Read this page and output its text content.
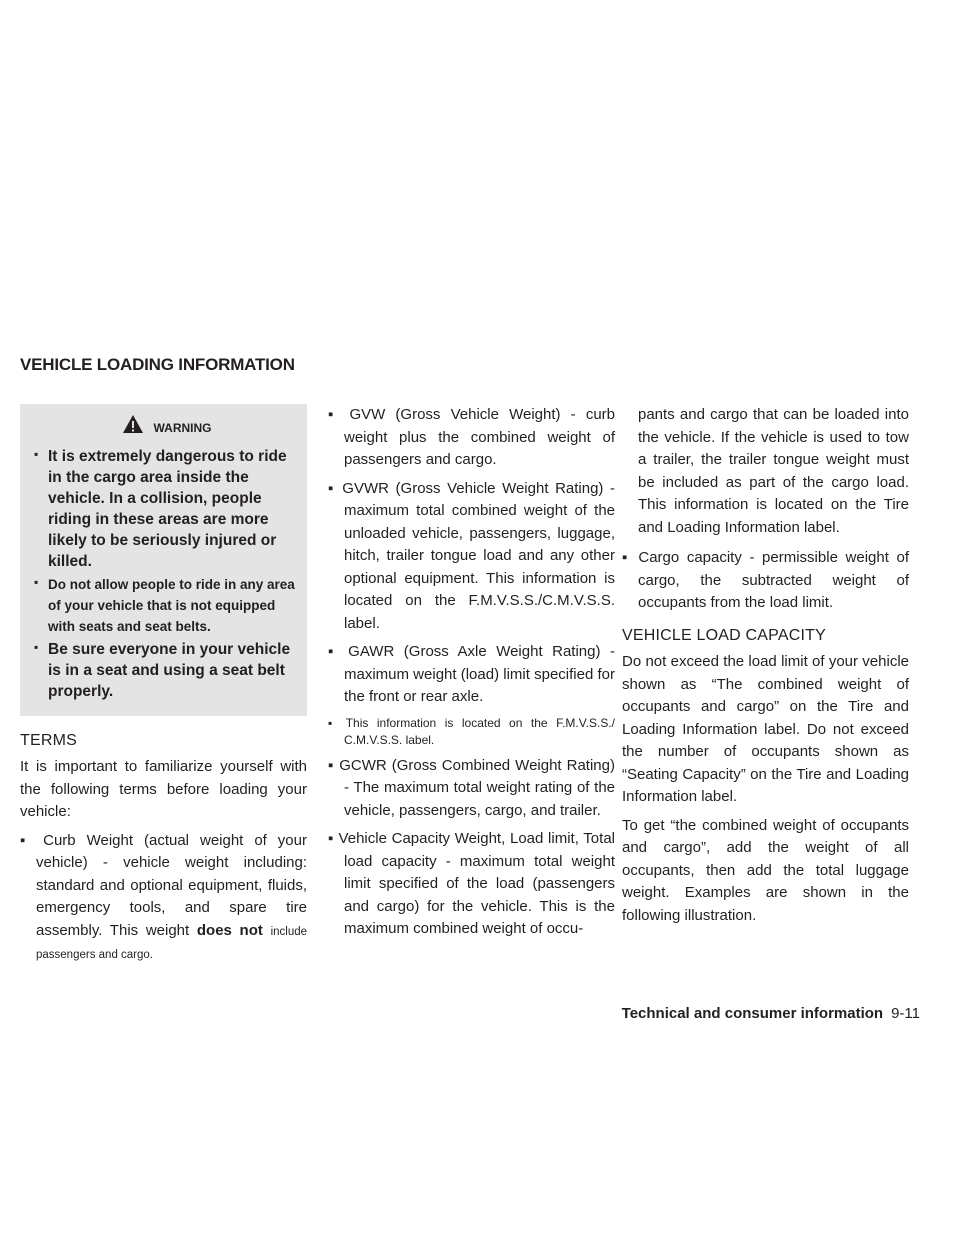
VEHICLE LOADING INFORMATION
WARNING
▪ It is extremely dangerous to ride in the cargo area inside the vehicle. In a collision, people riding in these areas are more likely to be seriously injured or killed.
▪ Do not allow people to ride in any area of your vehicle that is not equipped with seats and seat belts.
▪ Be sure everyone in your vehicle is in a seat and using a seat belt properly.
TERMS

It is important to familiarize yourself with the following terms before loading your vehicle:

▪ Curb Weight (actual weight of your vehicle) - vehicle weight including: standard and optional equipment, fluids, emergency tools, and spare tire assembly. This weight does not include passengers and cargo.
▪ GVW (Gross Vehicle Weight) - curb weight plus the combined weight of passengers and cargo.
▪ GVWR (Gross Vehicle Weight Rating) - maximum total combined weight of the unloaded vehicle, passengers, luggage, hitch, trailer tongue load and any other optional equipment. This information is located on the F.M.V.S.S./C.M.V.S.S. label.
▪ GAWR (Gross Axle Weight Rating) - maximum weight (load) limit specified for the front or rear axle.
▪ This information is located on the F.M.V.S.S./ C.M.V.S.S. label.
▪ GCWR (Gross Combined Weight Rating) - The maximum total weight rating of the vehicle, passengers, cargo, and trailer.
▪ Vehicle Capacity Weight, Load limit, Total load capacity - maximum total weight limit specified of the load (passengers and cargo) for the vehicle. This is the maximum combined weight of occu-

pants and cargo that can be loaded into the vehicle. If the vehicle is used to tow a trailer, the trailer tongue weight must be included as part of the cargo load. This information is located on the Tire and Loading Information label.

▪ Cargo capacity - permissible weight of cargo, the subtracted weight of occupants from the load limit.
VEHICLE LOAD CAPACITY

Do not exceed the load limit of your vehicle shown as “The combined weight of occupants and cargo” on the Tire and Loading Information label. Do not exceed the number of occupants shown as “Seating Capacity” on the Tire and Loading Information label.

To get “the combined weight of occupants and cargo”, add the weight of all occupants, then add the total luggage weight. Examples are shown in the following illustration.

Technical and consumer information 9-11
